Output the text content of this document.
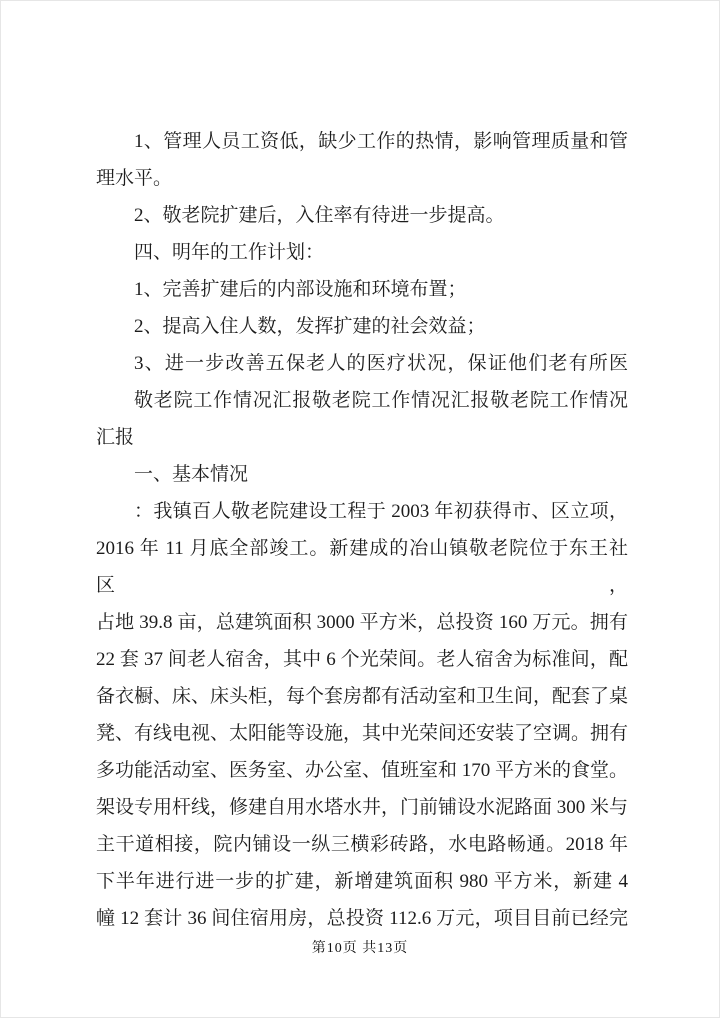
1、管理人员工资低，缺少工作的热情，影响管理质量和管
理水平。
2、敬老院扩建后，入住率有待进一步提高。
四、明年的工作计划：
1、完善扩建后的内部设施和环境布置；
2、提高入住人数，发挥扩建的社会效益；
3、进一步改善五保老人的医疗状况，保证他们老有所医
敬老院工作情况汇报敬老院工作情况汇报敬老院工作情况
汇报
一、基本情况
：我镇百人敬老院建设工程于 2003 年初获得市、区立项，
2016 年 11 月底全部竣工。新建成的冶山镇敬老院位于东王社区，
占地 39.8 亩，总建筑面积 3000 平方米，总投资 160 万元。拥有
22 套 37 间老人宿舍，其中 6 个光荣间。老人宿舍为标准间，配
备衣橱、床、床头柜，每个套房都有活动室和卫生间，配套了桌
凳、有线电视、太阳能等设施，其中光荣间还安装了空调。拥有
多功能活动室、医务室、办公室、值班室和 170 平方米的食堂。
架设专用杆线，修建自用水塔水井，门前铺设水泥路面 300 米与
主干道相接，院内铺设一纵三横彩砖路，水电路畅通。2018 年
下半年进行进一步的扩建，新增建筑面积 980 平方米，新建 4
幢 12 套计 36 间住宿用房，总投资 112.6 万元，项目目前已经完
第10页 共13页
